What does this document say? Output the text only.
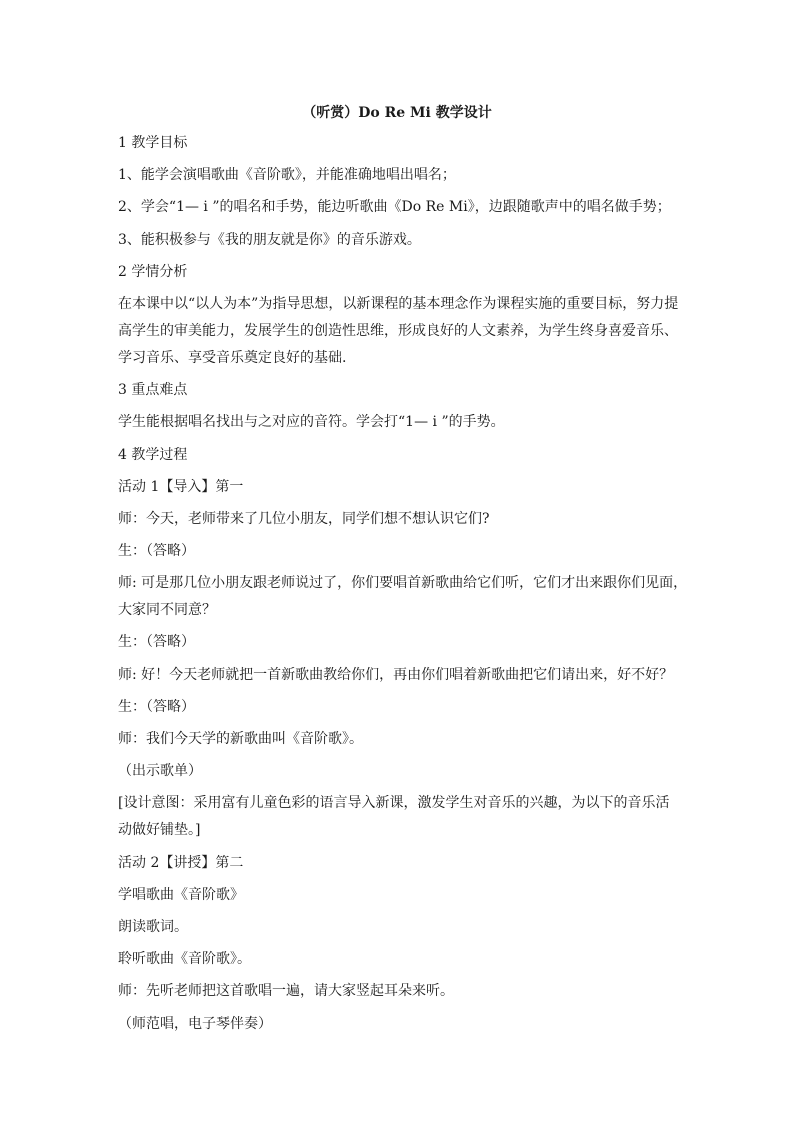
（听赏）Do Re Mi 教学设计
1 教学目标
1、能学会演唱歌曲《音阶歌》，并能准确地唱出唱名；
2、学会“1— i ”的唱名和手势，能边听歌曲《Do Re Mi》，边跟随歌声中的唱名做手势；
3、能积极参与《我的朋友就是你》的音乐游戏。
2 学情分析
在本课中以“以人为本”为指导思想，以新课程的基本理念作为课程实施的重要目标，努力提
高学生的审美能力，发展学生的创造性思维，形成良好的人文素养，为学生终身喜爱音乐、
学习音乐、享受音乐奠定良好的基础.
3 重点难点
学生能根据唱名找出与之对应的音符。学会打“1— i ”的手势。
4 教学过程
活动 1【导入】第一
师：今天，老师带来了几位小朋友，同学们想不想认识它们?
生：（答略）
师: 可是那几位小朋友跟老师说过了，你们要唱首新歌曲给它们听，它们才出来跟你们见面，
大家同不同意？
生：（答略）
师: 好！今天老师就把一首新歌曲教给你们，再由你们唱着新歌曲把它们请出来，好不好？
生：（答略）
师：我们今天学的新歌曲叫《音阶歌》。
（出示歌单）
[设计意图：采用富有儿童色彩的语言导入新课，激发学生对音乐的兴趣，为以下的音乐活
动做好铺垫。]
活动 2【讲授】第二
学唱歌曲《音阶歌》
朗读歌词。
聆听歌曲《音阶歌》。
师：先听老师把这首歌唱一遍，请大家竖起耳朵来听。
（师范唱，电子琴伴奏）
